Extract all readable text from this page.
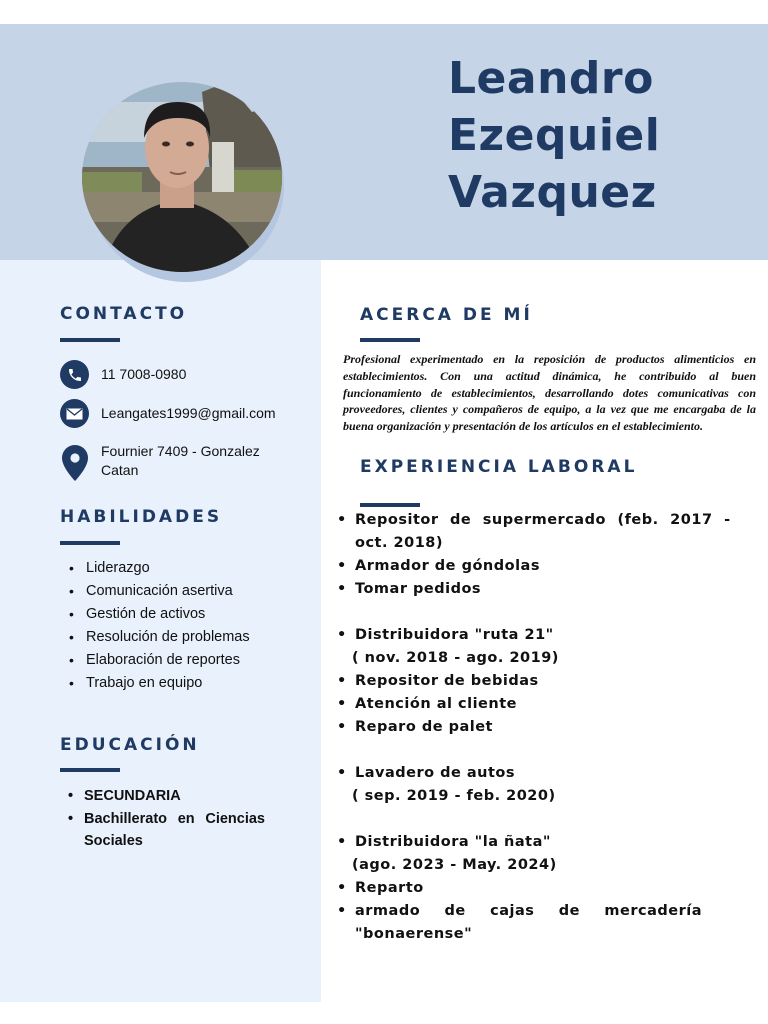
Leandro
Ezequiel
Vazquez
CONTACTO
11 7008-0980
Leangates1999@gmail.com
Fournier 7409 - Gonzalez Catan
HABILIDADES
• Liderazgo
• Comunicación asertiva
• Gestión de activos
• Resolución de problemas
• Elaboración de reportes
• Trabajo en equipo
EDUCACIÓN
• SECUNDARIA
• Bachillerato en Ciencias Sociales
ACERCA DE MÍ

Profesional experimentado en la reposición de productos alimenticios en establecimientos. Con una actitud dinámica, he contribuido al buen funcionamiento de establecimientos, desarrollando dotes comunicativas con proveedores, clientes y compañeros de equipo, a la vez que me encargaba de la buena organización y presentación de los artículos en el establecimiento.

EXPERIENCIA LABORAL
• Repositor de supermercado (feb. 2017 -
oct. 2018)
• Armador de góndolas
• Tomar pedidos
• Distribuidora "ruta 21"
( nov. 2018 - ago. 2019)
• Repositor de bebidas
• Atención al cliente
• Reparo de palet
• Lavadero de autos
( sep. 2019 - feb. 2020)
• Distribuidora "la ñata"
(ago. 2023 - May. 2024)
• Reparto
• armado de cajas de mercadería "bonaerense"
